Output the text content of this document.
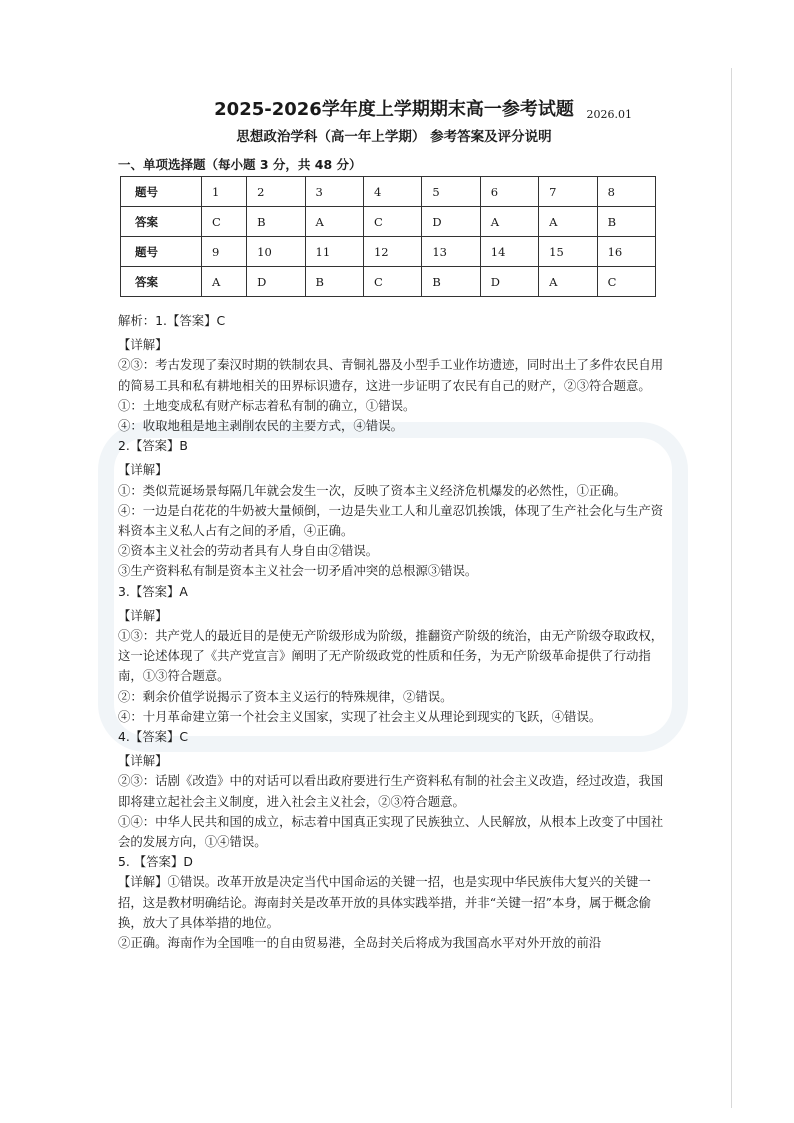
2025-2026学年度上学期期末高一参考试题 2026.01
思想政治学科（高一年上学期） 参考答案及评分说明
一、单项选择题（每小题 3 分，共 48 分）
题号	1	2	3	4	5	6	7	8
答案	C	B	A	C	D	A	A	B
题号	9	10	11	12	13	14	15	16
答案	A	D	B	C	B	D	A	C

解析：1.【答案】C

【详解】

②③：考古发现了秦汉时期的铁制农具、青铜礼器及小型手工业作坊遗迹，同时出土了多件农民自用的简易工具和私有耕地相关的田界标识遗存，这进一步证明了农民有自己的财产，②③符合题意。

①：土地变成私有财产标志着私有制的确立，①错误。

④：收取地租是地主剥削农民的主要方式，④错误。

2.【答案】B

【详解】

①：类似荒诞场景每隔几年就会发生一次，反映了资本主义经济危机爆发的必然性，①正确。

④：一边是白花花的牛奶被大量倾倒，一边是失业工人和儿童忍饥挨饿，体现了生产社会化与生产资料资本主义私人占有之间的矛盾，④正确。

②资本主义社会的劳动者具有人身自由②错误。

③生产资料私有制是资本主义社会一切矛盾冲突的总根源③错误。

3.【答案】A

【详解】

①③：共产党人的最近目的是使无产阶级形成为阶级，推翻资产阶级的统治，由无产阶级夺取政权，这一论述体现了《共产党宣言》阐明了无产阶级政党的性质和任务，为无产阶级革命提供了行动指南，①③符合题意。

②：剩余价值学说揭示了资本主义运行的特殊规律，②错误。

④：十月革命建立第一个社会主义国家，实现了社会主义从理论到现实的飞跃，④错误。

4.【答案】C

【详解】

②③：话剧《改造》中的对话可以看出政府要进行生产资料私有制的社会主义改造，经过改造，我国即将建立起社会主义制度，进入社会主义社会，②③符合题意。

①④：中华人民共和国的成立，标志着中国真正实现了民族独立、人民解放，从根本上改变了中国社会的发展方向，①④错误。

5. 【答案】D

【详解】①错误。改革开放是决定当代中国命运的关键一招，也是实现中华民族伟大复兴的关键一招，这是教材明确结论。海南封关是改革开放的具体实践举措，并非“关键一招”本身，属于概念偷换，放大了具体举措的地位。

②正确。海南作为全国唯一的自由贸易港，全岛封关后将成为我国高水平对外开放的前沿
